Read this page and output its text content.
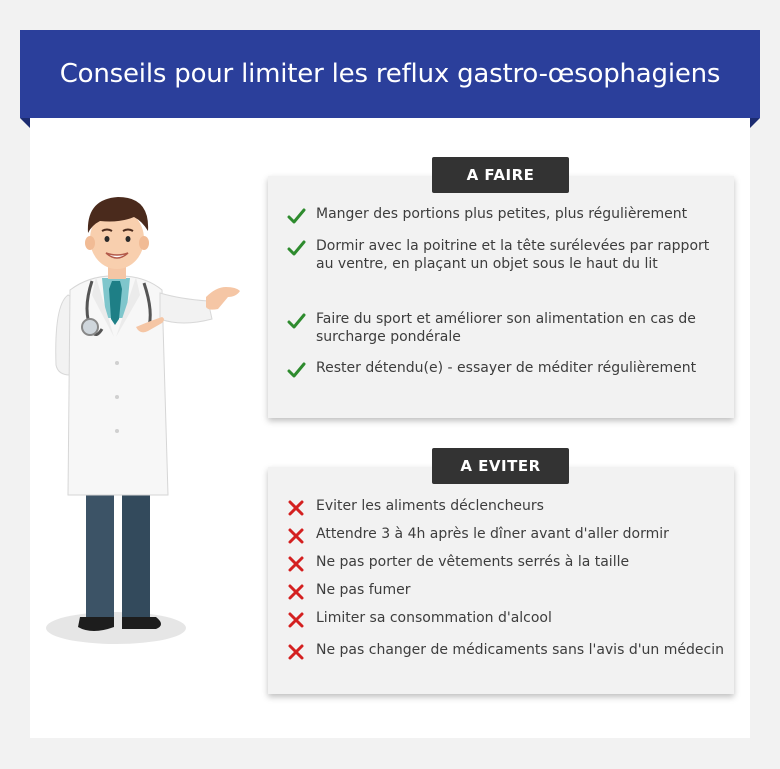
Conseils pour limiter les reflux gastro-œsophagiens
A FAIRE

Manger des portions plus petites, plus régulièrement

Dormir avec la poitrine et la tête surélevées par rapport au ventre, en plaçant un objet sous le haut du lit

Faire du sport et améliorer son alimentation en cas de surcharge pondérale

Rester détendu(e) - essayer de méditer régulièrement

A EVITER

Eviter les aliments déclencheurs

Attendre 3 à 4h après le dîner avant d'aller dormir

Ne pas porter de vêtements serrés à la taille

Ne pas fumer

Limiter sa consommation d'alcool

Ne pas changer de médicaments sans l'avis d'un médecin
